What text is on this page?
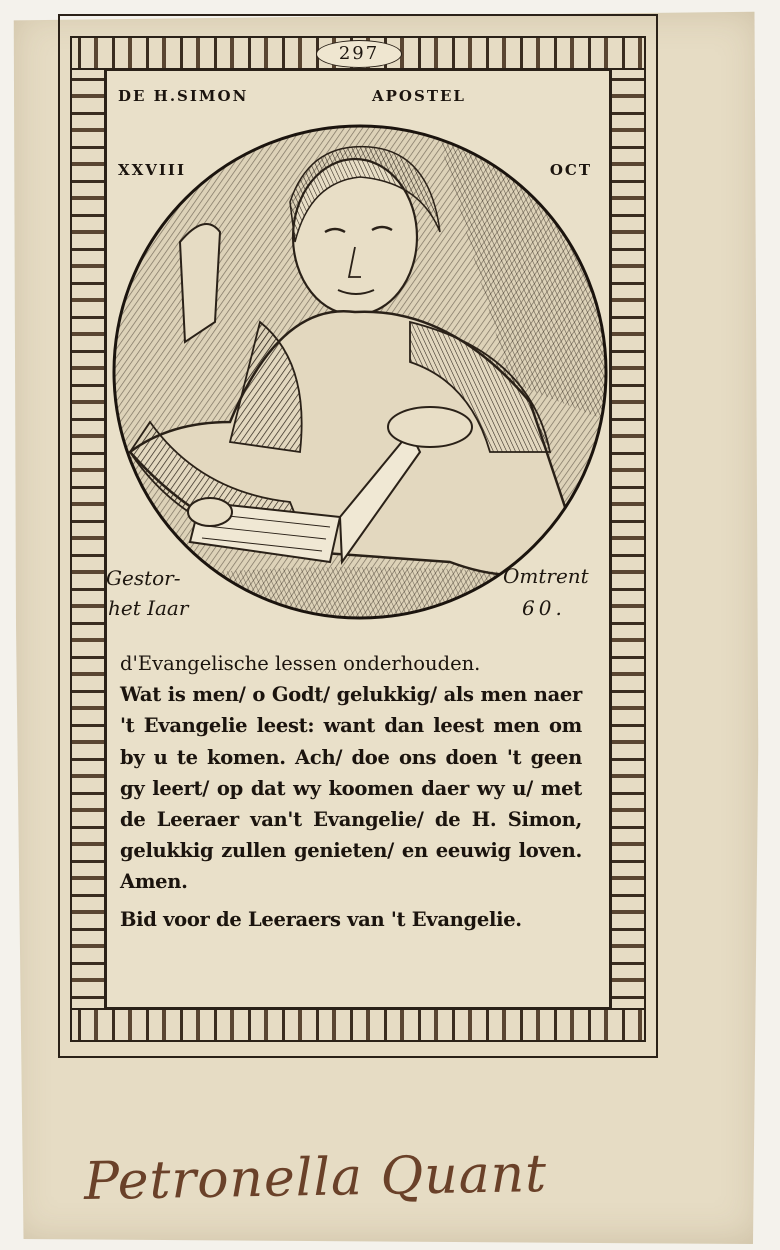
297
DE H.SIMON	APOSTEL
XXVIII	OCT
Gestor-
het Iaar
Omtrent
60.

d'Evangelische lessen onderhouden.

Wat is men/ o Godt/ gelukkig/ als men naer 't Evangelie leest: want dan leest men om by u te komen. Ach/ doe ons doen 't geen gy leert/ op dat wy koomen daer wy u/ met de Leeraer van't Evangelie/ de H. Simon, gelukkig zullen genieten/ en eeuwig loven. Amen.

Bid voor de Leeraers van 't Evangelie.

Petronella Quant
